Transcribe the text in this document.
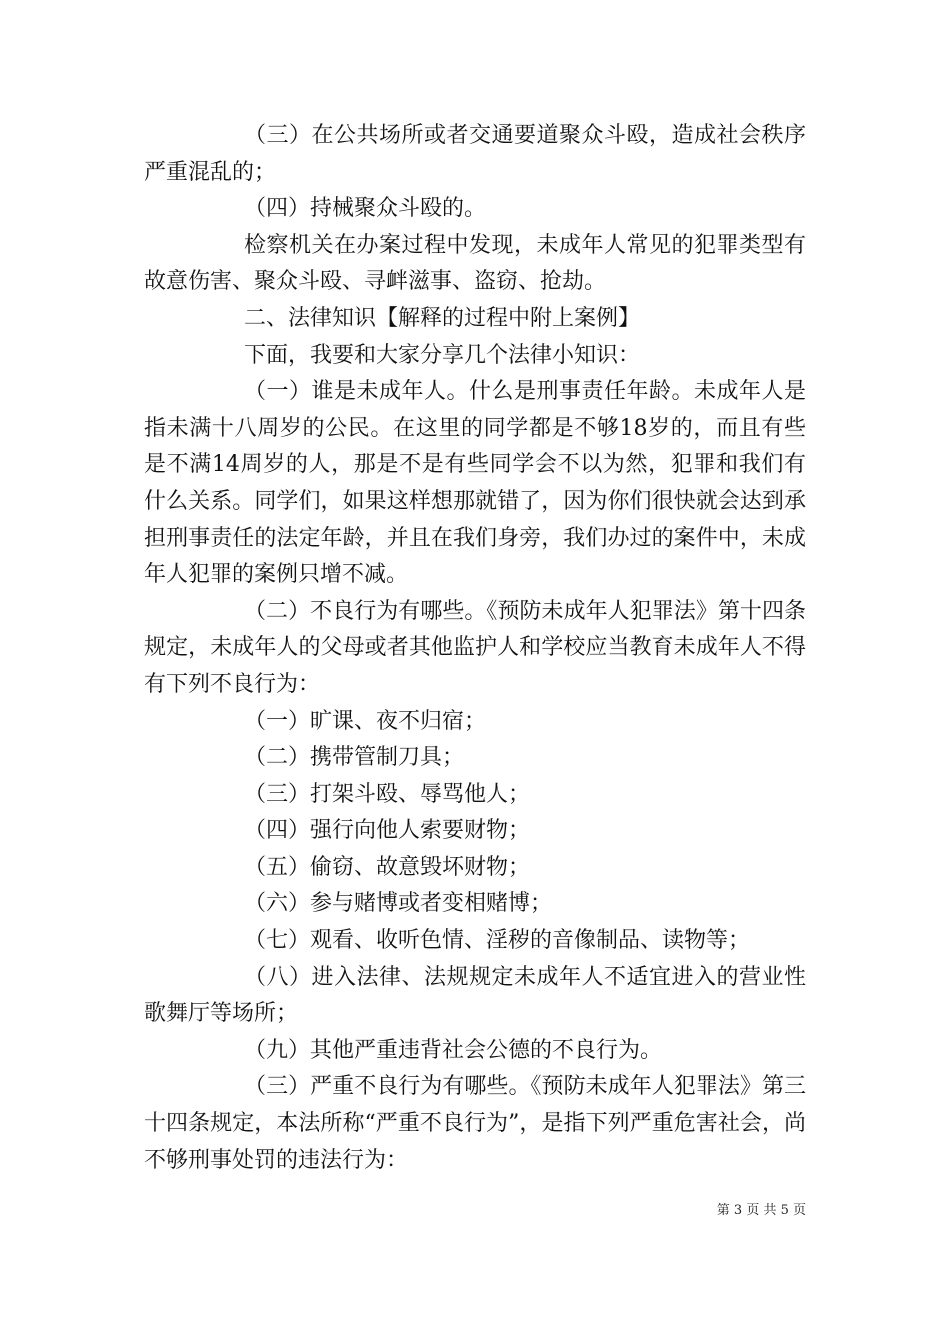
（三）在公共场所或者交通要道聚众斗殴，造成社会秩序严重混乱的；

（四）持械聚众斗殴的。

检察机关在办案过程中发现，未成年人常见的犯罪类型有故意伤害、聚众斗殴、寻衅滋事、盗窃、抢劫。

二、法律知识【解释的过程中附上案例】

下面，我要和大家分享几个法律小知识：

（一）谁是未成年人。什么是刑事责任年龄。未成年人是指未满十八周岁的公民。在这里的同学都是不够18岁的，而且有些是不满14周岁的人，那是不是有些同学会不以为然，犯罪和我们有什么关系。同学们，如果这样想那就错了，因为你们很快就会达到承担刑事责任的法定年龄，并且在我们身旁，我们办过的案件中，未成年人犯罪的案例只增不减。

（二）不良行为有哪些。《预防未成年人犯罪法》第十四条规定，未成年人的父母或者其他监护人和学校应当教育未成年人不得有下列不良行为：

（一）旷课、夜不归宿；

（二）携带管制刀具；

（三）打架斗殴、辱骂他人；

（四）强行向他人索要财物；

（五）偷窃、故意毁坏财物；

（六）参与赌博或者变相赌博；

（七）观看、收听色情、淫秽的音像制品、读物等；

（八）进入法律、法规规定未成年人不适宜进入的营业性歌舞厅等场所；

（九）其他严重违背社会公德的不良行为。

（三）严重不良行为有哪些。《预防未成年人犯罪法》第三十四条规定，本法所称“严重不良行为”，是指下列严重危害社会，尚不够刑事处罚的违法行为：

第 3 页 共 5 页
